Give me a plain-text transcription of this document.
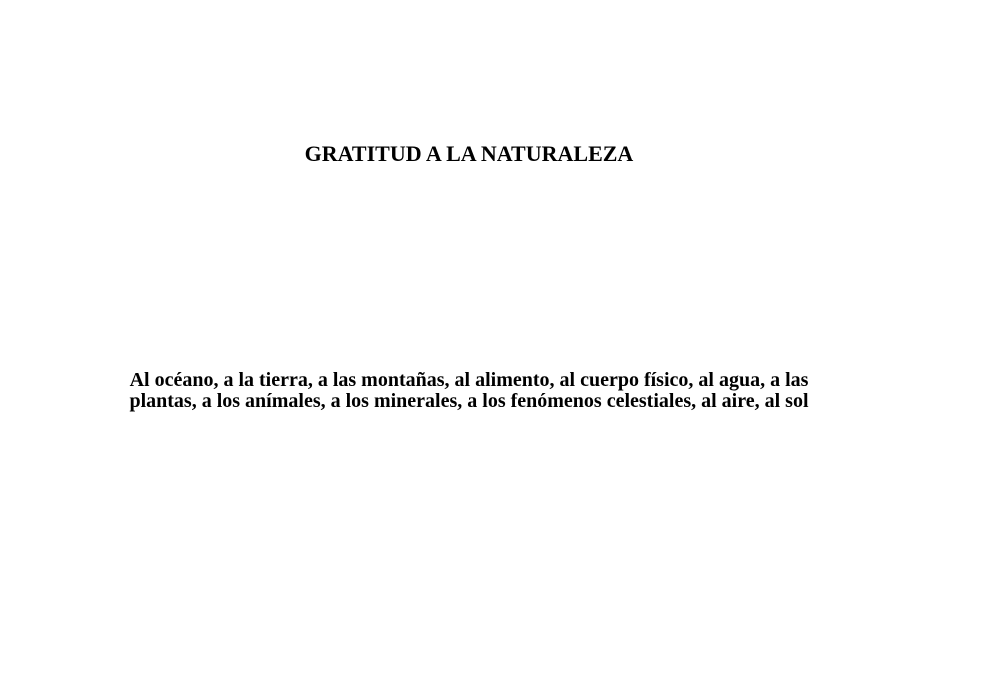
GRATITUD A LA NATURALEZA

Al océano, a la tierra, a las montañas, al alimento, al cuerpo físico, al agua, a las plantas, a los anímales, a los minerales, a los fenómenos celestiales, al aire, al sol
